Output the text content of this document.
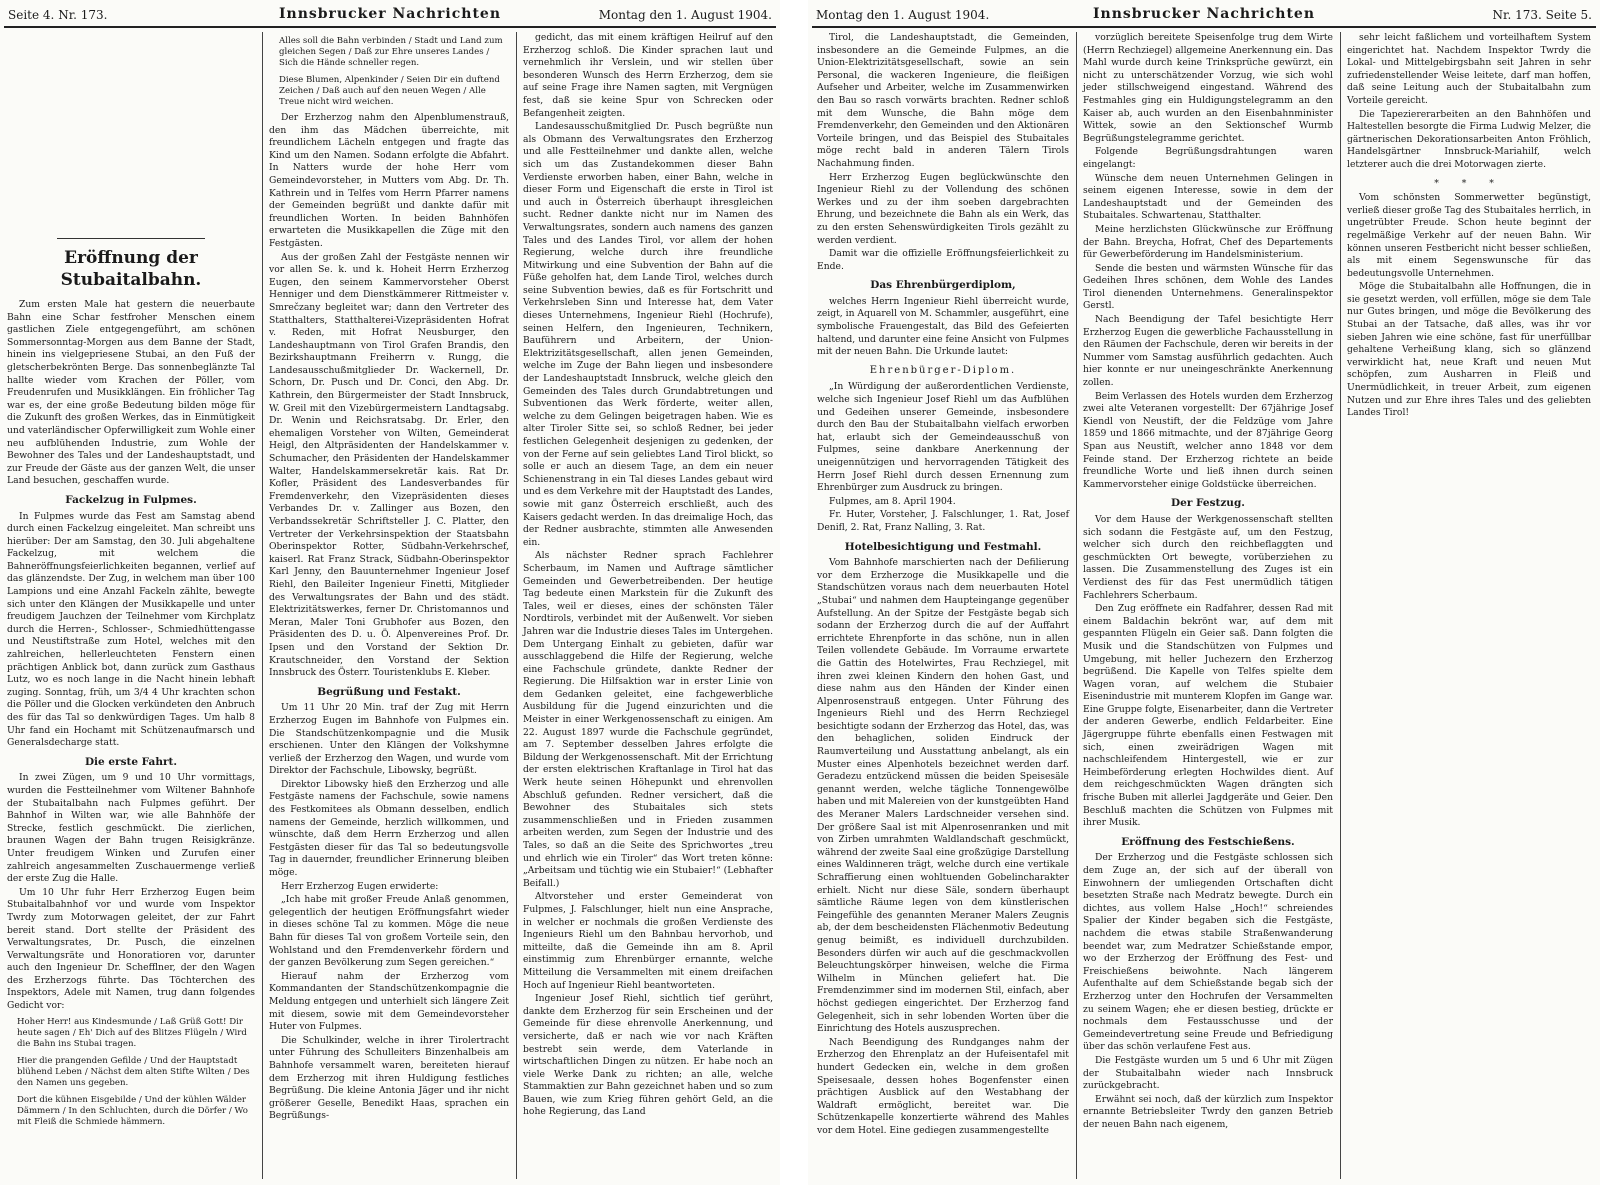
Seite 4. Nr. 173.	Innsbrucker Nachrichten	Montag den 1. August 1904.
Eröffnung der Stubaitalbahn.

Zum ersten Male hat gestern die neuerbaute Bahn eine Schar festfroher Menschen einem gastlichen Ziele entgegengeführt, am schönen Sommersonntag-Morgen aus dem Banne der Stadt, hinein ins vielgepriesene Stubai, an den Fuß der gletscherbekrönten Berge. Das sonnenbeglänzte Tal hallte wieder vom Krachen der Pöller, vom Freudenrufen und Musikklängen. Ein fröhlicher Tag war es, der eine große Bedeutung bilden möge für die Zukunft des großen Werkes, das in Einmütigkeit und vaterländischer Opferwilligkeit zum Wohle einer neu aufblühenden Industrie, zum Wohle der Bewohner des Tales und der Landeshauptstadt, und zur Freude der Gäste aus der ganzen Welt, die unser Land besuchen, geschaffen wurde.

Fackelzug in Fulpmes.

In Fulpmes wurde das Fest am Samstag abend durch einen Fackelzug eingeleitet. Man schreibt uns hierüber: Der am Samstag, den 30. Juli abgehaltene Fackelzug, mit welchem die Bahneröffnungsfeierlichkeiten begannen, verlief auf das glänzendste. Der Zug, in welchem man über 100 Lampions und eine Anzahl Fackeln zählte, bewegte sich unter den Klängen der Musikkapelle und unter freudigem Jauchzen der Teilnehmer vom Kirchplatz durch die Herren-, Schlosser-, Schmiedhüttengasse und Neustiftstraße zum Hotel, welches mit den zahlreichen, hellerleuchteten Fenstern einen prächtigen Anblick bot, dann zurück zum Gasthaus Lutz, wo es noch lange in die Nacht hinein lebhaft zuging. Sonntag, früh, um 3/4 4 Uhr krachten schon die Pöller und die Glocken verkündeten den Anbruch des für das Tal so denkwürdigen Tages. Um halb 8 Uhr fand ein Hochamt mit Schützenaufmarsch und Generalsdecharge statt.

Die erste Fahrt.

In zwei Zügen, um 9 und 10 Uhr vormittags, wurden die Festteilnehmer vom Wiltener Bahnhofe der Stubaitalbahn nach Fulpmes geführt. Der Bahnhof in Wilten war, wie alle Bahnhöfe der Strecke, festlich geschmückt. Die zierlichen, braunen Wagen der Bahn trugen Reisigkränze. Unter freudigem Winken und Zurufen einer zahlreich angesammelten Zuschauermenge verließ der erste Zug die Halle.

Um 10 Uhr fuhr Herr Erzherzog Eugen beim Stubaitalbahnhof vor und wurde vom Inspektor Twrdy zum Motorwagen geleitet, der zur Fahrt bereit stand. Dort stellte der Präsident des Verwaltungsrates, Dr. Pusch, die einzelnen Verwaltungsräte und Honoratioren vor, darunter auch den Ingenieur Dr. Schefflner, der den Wagen des Erzherzogs führte. Das Töchterchen des Inspektors, Adele mit Namen, trug dann folgendes Gedicht vor:

Hoher Herr! aus Kindesmunde / Laß Grüß Gott! Dir heute sagen / Eh' Dich auf des Blitzes Flügeln / Wird die Bahn ins Stubai tragen.
Hier die prangenden Gefilde / Und der Hauptstadt blühend Leben / Nächst dem alten Stifte Wilten / Des den Namen uns gegeben.
Dort die kühnen Eisgebilde / Und der kühlen Wälder Dämmern / In den Schluchten, durch die Dörfer / Wo mit Fleiß die Schmiede hämmern.
Alles soll die Bahn verbinden / Stadt und Land zum gleichen Segen / Daß zur Ehre unseres Landes / Sich die Hände schneller regen.
Diese Blumen, Alpenkinder / Seien Dir ein duftend Zeichen / Daß auch auf den neuen Wegen / Alle Treue nicht wird weichen.

Der Erzherzog nahm den Alpenblumenstrauß, den ihm das Mädchen überreichte, mit freundlichem Lächeln entgegen und fragte das Kind um den Namen. Sodann erfolgte die Abfahrt. In Natters wurde der hohe Herr vom Gemeindevorsteher, in Mutters vom Abg. Dr. Th. Kathrein und in Telfes vom Herrn Pfarrer namens der Gemeinden begrüßt und dankte dafür mit freundlichen Worten. In beiden Bahnhöfen erwarteten die Musikkapellen die Züge mit den Festgästen.

Aus der großen Zahl der Festgäste nennen wir vor allen Se. k. und k. Hoheit Herrn Erzherzog Eugen, den seinem Kammervorsteher Oberst Henniger und dem Dienstkämmerer Rittmeister v. Smrečzany begleitet war; dann den Vertreter des Statthalters, Statthalterei-Vizepräsidenten Hofrat v. Reden, mit Hofrat Neusburger, den Landeshauptmann von Tirol Grafen Brandis, den Bezirkshauptmann Freiherrn v. Rungg, die Landesausschußmitglieder Dr. Wackernell, Dr. Schorn, Dr. Pusch und Dr. Conci, den Abg. Dr. Kathrein, den Bürgermeister der Stadt Innsbruck, W. Greil mit den Vizebürgermeistern Landtagsabg. Dr. Wenin und Reichsratsabg. Dr. Erler, den ehemaligen Vorsteher von Wilten, Gemeinderat Heigl, den Altpräsidenten der Handelskammer v. Schumacher, den Präsidenten der Handelskammer Walter, Handelskammersekretär kais. Rat Dr. Kofler, Präsident des Landesverbandes für Fremdenverkehr, den Vizepräsidenten dieses Verbandes Dr. v. Zallinger aus Bozen, den Verbandssekretär Schriftsteller J. C. Platter, den Vertreter der Verkehrsinspektion der Staatsbahn Oberinspektor Rotter, Südbahn-Verkehrschef, kaiserl. Rat Franz Strack, Südbahn-Oberinspektor Karl Jenny, den Bauunternehmer Ingenieur Josef Riehl, den Baileiter Ingenieur Finetti, Mitglieder des Verwaltungsrates der Bahn und des städt. Elektrizitätswerkes, ferner Dr. Christomannos und Meran, Maler Toni Grubhofer aus Bozen, den Präsidenten des D. u. Ö. Alpenvereines Prof. Dr. Ipsen und den Vorstand der Sektion Dr. Krautschneider, den Vorstand der Sektion Innsbruck des Österr. Touristenklubs E. Kleber.

Begrüßung und Festakt.

Um 11 Uhr 20 Min. traf der Zug mit Herrn Erzherzog Eugen im Bahnhofe von Fulpmes ein. Die Standschützenkompagnie und die Musik erschienen. Unter den Klängen der Volkshymne verließ der Erzherzog den Wagen, und wurde vom Direktor der Fachschule, Libowsky, begrüßt.

Direktor Libowsky hieß den Erzherzog und alle Festgäste namens der Fachschule, sowie namens des Festkomitees als Obmann desselben, endlich namens der Gemeinde, herzlich willkommen, und wünschte, daß dem Herrn Erzherzog und allen Festgästen dieser für das Tal so bedeutungsvolle Tag in dauernder, freundlicher Erinnerung bleiben möge.

Herr Erzherzog Eugen erwiderte:

„Ich habe mit großer Freude Anlaß genommen, gelegentlich der heutigen Eröffnungsfahrt wieder in dieses schöne Tal zu kommen. Möge die neue Bahn für dieses Tal von großem Vorteile sein, den Wohlstand und den Fremdenverkehr fördern und der ganzen Bevölkerung zum Segen gereichen.“

Hierauf nahm der Erzherzog vom Kommandanten der Standschützenkompagnie die Meldung entgegen und unterhielt sich längere Zeit mit diesem, sowie mit dem Gemeindevorsteher Huter von Fulpmes.

Die Schulkinder, welche in ihrer Tirolertracht unter Führung des Schulleiters Binzenhalbeis am Bahnhofe versammelt waren, bereiteten hierauf dem Erzherzog mit ihren Huldigung festliches Begrüßung. Die kleine Antonia Jäger und ihr nicht größerer Geselle, Benedikt Haas, sprachen ein Begrüßungs-

gedicht, das mit einem kräftigen Heilruf auf den Erzherzog schloß. Die Kinder sprachen laut und vernehmlich ihr Verslein, und wir stellen über besonderen Wunsch des Herrn Erzherzog, dem sie auf seine Frage ihre Namen sagten, mit Vergnügen fest, daß sie keine Spur von Schrecken oder Befangenheit zeigten.

Landesausschußmitglied Dr. Pusch begrüßte nun als Obmann des Verwaltungsrates den Erzherzog und alle Festteilnehmer und dankte allen, welche sich um das Zustandekommen dieser Bahn Verdienste erworben haben, einer Bahn, welche in dieser Form und Eigenschaft die erste in Tirol ist und auch in Österreich überhaupt ihresgleichen sucht. Redner dankte nicht nur im Namen des Verwaltungsrates, sondern auch namens des ganzen Tales und des Landes Tirol, vor allem der hohen Regierung, welche durch ihre freundliche Mitwirkung und eine Subvention der Bahn auf die Füße geholfen hat, dem Lande Tirol, welches durch seine Subvention bewies, daß es für Fortschritt und Verkehrsleben Sinn und Interesse hat, dem Vater dieses Unternehmens, Ingenieur Riehl (Hochrufe), seinen Helfern, den Ingenieuren, Technikern, Bauführern und Arbeitern, der Union-Elektrizitätsgesellschaft, allen jenen Gemeinden, welche im Zuge der Bahn liegen und insbesondere der Landeshauptstadt Innsbruck, welche gleich den Gemeinden des Tales durch Grundabtretungen und Subventionen das Werk förderte, weiter allen, welche zu dem Gelingen beigetragen haben. Wie es alter Tiroler Sitte sei, so schloß Redner, bei jeder festlichen Gelegenheit desjenigen zu gedenken, der von der Ferne auf sein geliebtes Land Tirol blickt, so solle er auch an diesem Tage, an dem ein neuer Schienenstrang in ein Tal dieses Landes gebaut wird und es dem Verkehre mit der Hauptstadt des Landes, sowie mit ganz Österreich erschließt, auch des Kaisers gedacht werden. In das dreimalige Hoch, das der Redner ausbrachte, stimmten alle Anwesenden ein.

Als nächster Redner sprach Fachlehrer Scherbaum, im Namen und Auftrage sämtlicher Gemeinden und Gewerbetreibenden. Der heutige Tag bedeute einen Markstein für die Zukunft des Tales, weil er dieses, eines der schönsten Täler Nordtirols, verbindet mit der Außenwelt. Vor sieben Jahren war die Industrie dieses Tales im Untergehen. Dem Untergang Einhalt zu gebieten, dafür war ausschlaggebend die Hilfe der Regierung, welche eine Fachschule gründete, dankte Redner der Regierung. Die Hilfsaktion war in erster Linie von dem Gedanken geleitet, eine fachgewerbliche Ausbildung für die Jugend einzurichten und die Meister in einer Werkgenossenschaft zu einigen. Am 22. August 1897 wurde die Fachschule gegründet, am 7. September desselben Jahres erfolgte die Bildung der Werkgenossenschaft. Mit der Errichtung der ersten elektrischen Kraftanlage in Tirol hat das Werk heute seinen Höhepunkt und ehrenvollen Abschluß gefunden. Redner versichert, daß die Bewohner des Stubaitales sich stets zusammenschließen und in Frieden zusammen arbeiten werden, zum Segen der Industrie und des Tales, so daß an die Seite des Sprichwortes „treu und ehrlich wie ein Tiroler“ das Wort treten könne: „Arbeitsam und tüchtig wie ein Stubaier!“ (Lebhafter Beifall.)

Altvorsteher und erster Gemeinderat von Fulpmes, J. Falschlunger, hielt nun eine Ansprache, in welcher er nochmals die großen Verdienste des Ingenieurs Riehl um den Bahnbau hervorhob, und mitteilte, daß die Gemeinde ihn am 8. April einstimmig zum Ehrenbürger ernannte, welche Mitteilung die Versammelten mit einem dreifachen Hoch auf Ingenieur Riehl beantworteten.

Ingenieur Josef Riehl, sichtlich tief gerührt, dankte dem Erzherzog für sein Erscheinen und der Gemeinde für diese ehrenvolle Anerkennung, und versicherte, daß er nach wie vor nach Kräften bestrebt sein werde, dem Vaterlande in wirtschaftlichen Dingen zu nützen. Er habe noch an viele Werke Dank zu richten; an alle, welche Stammaktien zur Bahn gezeichnet haben und so zum Bauen, wie zum Krieg führen gehört Geld, an die hohe Regierung, das Land

Montag den 1. August 1904.	Innsbrucker Nachrichten	Nr. 173. Seite 5.

Tirol, die Landeshauptstadt, die Gemeinden, insbesondere an die Gemeinde Fulpmes, an die Union-Elektrizitätsgesellschaft, sowie an sein Personal, die wackeren Ingenieure, die fleißigen Aufseher und Arbeiter, welche im Zusammenwirken den Bau so rasch vorwärts brachten. Redner schloß mit dem Wunsche, die Bahn möge dem Fremdenverkehr, den Gemeinden und den Aktionären Vorteile bringen, und das Beispiel des Stubaitales möge recht bald in anderen Tälern Tirols Nachahmung finden.

Herr Erzherzog Eugen beglückwünschte den Ingenieur Riehl zu der Vollendung des schönen Werkes und zu der ihm soeben dargebrachten Ehrung, und bezeichnete die Bahn als ein Werk, das zu den ersten Sehenswürdigkeiten Tirols gezählt zu werden verdient.

Damit war die offizielle Eröffnungsfeierlichkeit zu Ende.

Das Ehrenbürgerdiplom,

welches Herrn Ingenieur Riehl überreicht wurde, zeigt, in Aquarell von M. Schammler, ausgeführt, eine symbolische Frauengestalt, das Bild des Gefeierten haltend, und darunter eine feine Ansicht von Fulpmes mit der neuen Bahn. Die Urkunde lautet:

Ehrenbürger-Diplom.

„In Würdigung der außerordentlichen Verdienste, welche sich Ingenieur Josef Riehl um das Aufblühen und Gedeihen unserer Gemeinde, insbesondere durch den Bau der Stubaitalbahn vielfach erworben hat, erlaubt sich der Gemeindeausschuß von Fulpmes, seine dankbare Anerkennung der uneigennützigen und hervorragenden Tätigkeit des Herrn Josef Riehl durch dessen Ernennung zum Ehrenbürger zum Ausdruck zu bringen.

Fulpmes, am 8. April 1904.

Fr. Huter, Vorsteher, J. Falschlunger, 1. Rat, Josef Denifl, 2. Rat, Franz Nalling, 3. Rat.

Hotelbesichtigung und Festmahl.

Vom Bahnhofe marschierten nach der Defilierung vor dem Erzherzoge die Musikkapelle und die Standschützen voraus nach dem neuerbauten Hotel „Stubai“ und nahmen dem Haupteingange gegenüber Aufstellung. An der Spitze der Festgäste begab sich sodann der Erzherzog durch die auf der Auffahrt errichtete Ehrenpforte in das schöne, nun in allen Teilen vollendete Gebäude. Im Vorraume erwartete die Gattin des Hotelwirtes, Frau Rechziegel, mit ihren zwei kleinen Kindern den hohen Gast, und diese nahm aus den Händen der Kinder einen Alpenrosenstrauß entgegen. Unter Führung des Ingenieurs Riehl und des Herrn Rechziegel besichtigte sodann der Erzherzog das Hotel, das, was den behaglichen, soliden Eindruck der Raumverteilung und Ausstattung anbelangt, als ein Muster eines Alpenhotels bezeichnet werden darf. Geradezu entzückend müssen die beiden Speisesäle genannt werden, welche tägliche Tonnengewölbe haben und mit Malereien von der kunstgeübten Hand des Meraner Malers Lardschneider versehen sind. Der größere Saal ist mit Alpenrosenranken und mit von Zirben umrahmten Waldlandschaft geschmückt, während der zweite Saal eine großzügige Darstellung eines Waldinneren trägt, welche durch eine vertikale Schraffierung einen wohltuenden Gobelincharakter erhielt. Nicht nur diese Säle, sondern überhaupt sämtliche Räume legen von dem künstlerischen Feingefühle des genannten Meraner Malers Zeugnis ab, der dem bescheidensten Flächenmotiv Bedeutung genug beimißt, es individuell durchzubilden. Besonders dürfen wir auch auf die geschmackvollen Beleuchtungskörper hinweisen, welche die Firma Wilhelm in München geliefert hat. Die Fremdenzimmer sind im modernen Stil, einfach, aber höchst gediegen eingerichtet. Der Erzherzog fand Gelegenheit, sich in sehr lobenden Worten über die Einrichtung des Hotels auszusprechen.

Nach Beendigung des Rundganges nahm der Erzherzog den Ehrenplatz an der Hufeisentafel mit hundert Gedecken ein, welche in dem großen Speisesaale, dessen hohes Bogenfenster einen prächtigen Ausblick auf den Westabhang der Waldraft ermöglicht, bereitet war. Die Schützenkapelle konzertierte während des Mahles vor dem Hotel. Eine gediegen zusammengestellte

vorzüglich bereitete Speisenfolge trug dem Wirte (Herrn Rechziegel) allgemeine Anerkennung ein. Das Mahl wurde durch keine Trinksprüche gewürzt, ein nicht zu unterschätzender Vorzug, wie sich wohl jeder stillschweigend eingestand. Während des Festmahles ging ein Huldigungstelegramm an den Kaiser ab, auch wurden an den Eisenbahnminister Wittek, sowie an den Sektionschef Wurmb Begrüßungstelegramme gerichtet.

Folgende Begrüßungsdrahtungen waren eingelangt:

Wünsche dem neuen Unternehmen Gelingen in seinem eigenen Interesse, sowie in dem der Landeshauptstadt und der Gemeinden des Stubaitales. Schwartenau, Statthalter.

Meine herzlichsten Glückwünsche zur Eröffnung der Bahn. Breycha, Hofrat, Chef des Departements für Gewerbeförderung im Handelsministerium.

Sende die besten und wärmsten Wünsche für das Gedeihen Ihres schönen, dem Wohle des Landes Tirol dienenden Unternehmens. Generalinspektor Gerstl.

Nach Beendigung der Tafel besichtigte Herr Erzherzog Eugen die gewerbliche Fachausstellung in den Räumen der Fachschule, deren wir bereits in der Nummer vom Samstag ausführlich gedachten. Auch hier konnte er nur uneingeschränkte Anerkennung zollen.

Beim Verlassen des Hotels wurden dem Erzherzog zwei alte Veteranen vorgestellt: Der 67jährige Josef Kiendl von Neustift, der die Feldzüge vom Jahre 1859 und 1866 mitmachte, und der 87jährige Georg Span aus Neustift, welcher anno 1848 vor dem Feinde stand. Der Erzherzog richtete an beide freundliche Worte und ließ ihnen durch seinen Kammervorsteher einige Goldstücke überreichen.

Der Festzug.

Vor dem Hause der Werkgenossenschaft stellten sich sodann die Festgäste auf, um den Festzug, welcher sich durch den reichbeflaggten und geschmückten Ort bewegte, vorüberziehen zu lassen. Die Zusammenstellung des Zuges ist ein Verdienst des für das Fest unermüdlich tätigen Fachlehrers Scherbaum.

Den Zug eröffnete ein Radfahrer, dessen Rad mit einem Baldachin bekrönt war, auf dem mit gespannten Flügeln ein Geier saß. Dann folgten die Musik und die Standschützen von Fulpmes und Umgebung, mit heller Juchezern den Erzherzog begrüßend. Die Kapelle von Telfes spielte dem Wagen voran, auf welchem die Stubaier Eisenindustrie mit munterem Klopfen im Gange war. Eine Gruppe folgte, Eisenarbeiter, dann die Vertreter der anderen Gewerbe, endlich Feldarbeiter. Eine Jägergruppe führte ebenfalls einen Festwagen mit sich, einen zweirädrigen Wagen mit nachschleifendem Hintergestell, wie er zur Heimbeförderung erlegten Hochwildes dient. Auf dem reichgeschmückten Wagen drängten sich frische Buben mit allerlei Jagdgeräte und Geier. Den Beschluß machten die Schützen von Fulpmes mit ihrer Musik.

Eröffnung des Festschießens.

Der Erzherzog und die Festgäste schlossen sich dem Zuge an, der sich auf der überall von Einwohnern der umliegenden Ortschaften dicht besetzten Straße nach Medratz bewegte. Durch ein dichtes, aus vollem Halse „Hoch!“ schreiendes Spalier der Kinder begaben sich die Festgäste, nachdem die etwas stabile Straßenwanderung beendet war, zum Medratzer Schießstande empor, wo der Erzherzog der Eröffnung des Fest- und Freischießens beiwohnte. Nach längerem Aufenthalte auf dem Schießstande begab sich der Erzherzog unter den Hochrufen der Versammelten zu seinem Wagen; ehe er diesen bestieg, drückte er nochmals dem Festausschusse und der Gemeindevertretung seine Freude und Befriedigung über das schön verlaufene Fest aus.

Die Festgäste wurden um 5 und 6 Uhr mit Zügen der Stubaitalbahn wieder nach Innsbruck zurückgebracht.

Erwähnt sei noch, daß der kürzlich zum Inspektor ernannte Betriebsleiter Twrdy den ganzen Betrieb der neuen Bahn nach eigenem,

sehr leicht faßlichem und vorteilhaftem System eingerichtet hat. Nachdem Inspektor Twrdy die Lokal- und Mittelgebirgsbahn seit Jahren in sehr zufriedenstellender Weise leitete, darf man hoffen, daß seine Leitung auch der Stubaitalbahn zum Vorteile gereicht.

Die Tapeziererarbeiten an den Bahnhöfen und Haltestellen besorgte die Firma Ludwig Melzer, die gärtnerischen Dekorationsarbeiten Anton Fröhlich, Handelsgärtner Innsbruck-Mariahilf, welch letzterer auch die drei Motorwagen zierte.

* * *

Vom schönsten Sommerwetter begünstigt, verließ dieser große Tag des Stubaitales herrlich, in ungetrübter Freude. Schon heute beginnt der regelmäßige Verkehr auf der neuen Bahn. Wir können unseren Festbericht nicht besser schließen, als mit einem Segenswunsche für das bedeutungsvolle Unternehmen.

Möge die Stubaitalbahn alle Hoffnungen, die in sie gesetzt werden, voll erfüllen, möge sie dem Tale nur Gutes bringen, und möge die Bevölkerung des Stubai an der Tatsache, daß alles, was ihr vor sieben Jahren wie eine schöne, fast für unerfüllbar gehaltene Verheißung klang, sich so glänzend verwirklicht hat, neue Kraft und neuen Mut schöpfen, zum Ausharren in Fleiß und Unermüdlichkeit, in treuer Arbeit, zum eigenen Nutzen und zur Ehre ihres Tales und des geliebten Landes Tirol!
